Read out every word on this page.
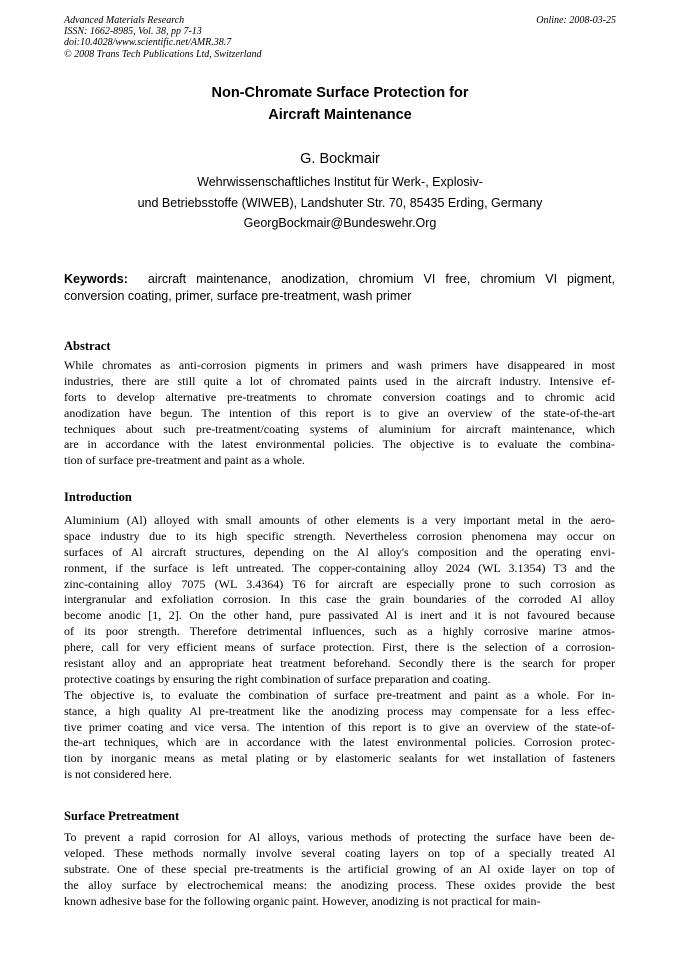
Advanced Materials Research
ISSN: 1662-8985, Vol. 38, pp 7-13
doi:10.4028/www.scientific.net/AMR.38.7
© 2008 Trans Tech Publications Ltd, Switzerland
Online: 2008-03-25
Non-Chromate Surface Protection for
Aircraft Maintenance
G. Bockmair
Wehrwissenschaftliches Institut für Werk-, Explosiv-
und Betriebsstoffe (WIWEB), Landshuter Str. 70, 85435 Erding, Germany
GeorgBockmair@Bundeswehr.Org
Keywords: aircraft maintenance, anodization, chromium VI free, chromium VI pigment,
conversion coating, primer, surface pre-treatment, wash primer
Abstract
While chromates as anti-corrosion pigments in primers and wash primers have disappeared in most
industries, there are still quite a lot of chromated paints used in the aircraft industry. Intensive ef-
forts to develop alternative pre-treatments to chromate conversion coatings and to chromic acid
anodization have begun. The intention of this report is to give an overview of the state-of-the-art
techniques about such pre-treatment/coating systems of aluminium for aircraft maintenance, which
are in accordance with the latest environmental policies. The objective is to evaluate the combina-
tion of surface pre-treatment and paint as a whole.
Introduction
Aluminium (Al) alloyed with small amounts of other elements is a very important metal in the aero-
space industry due to its high specific strength. Nevertheless corrosion phenomena may occur on
surfaces of Al aircraft structures, depending on the Al alloy's composition and the operating envi-
ronment, if the surface is left untreated. The copper-containing alloy 2024 (WL 3.1354) T3 and the
zinc-containing alloy 7075 (WL 3.4364) T6 for aircraft are especially prone to such corrosion as
intergranular and exfoliation corrosion. In this case the grain boundaries of the corroded Al alloy
become anodic [1, 2]. On the other hand, pure passivated Al is inert and it is not favoured because
of its poor strength. Therefore detrimental influences, such as a highly corrosive marine atmos-
phere, call for very efficient means of surface protection. First, there is the selection of a corrosion-
resistant alloy and an appropriate heat treatment beforehand. Secondly there is the search for proper
protective coatings by ensuring the right combination of surface preparation and coating.
The objective is, to evaluate the combination of surface pre-treatment and paint as a whole. For in-
stance, a high quality Al pre-treatment like the anodizing process may compensate for a less effec-
tive primer coating and vice versa. The intention of this report is to give an overview of the state-of-
the-art techniques, which are in accordance with the latest environmental policies. Corrosion protec-
tion by inorganic means as metal plating or by elastomeric sealants for wet installation of fasteners
is not considered here.
Surface Pretreatment
To prevent a rapid corrosion for Al alloys, various methods of protecting the surface have been de-
veloped. These methods normally involve several coating layers on top of a specially treated Al
substrate. One of these special pre-treatments is the artificial growing of an Al oxide layer on top of
the alloy surface by electrochemical means: the anodizing process. These oxides provide the best
known adhesive base for the following organic paint. However, anodizing is not practical for main-
